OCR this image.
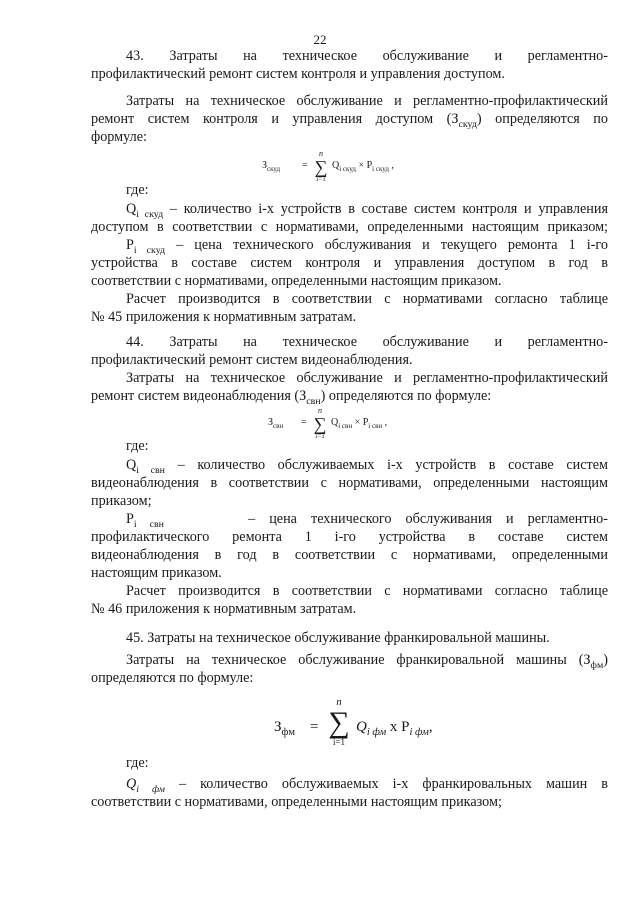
22
43. Затраты на техническое обслуживание и регламентно-
профилактический ремонт систем контроля и управления доступом.
Затраты на техническое обслуживание и регламентно-профилактический
ремонт систем контроля и управления доступом $(З_{скуд})$ определяются по
формуле:
$З_{скуд}$ =
n
∑
i=1
$Q_{i скуд} \times P_{i скуд}$ ,
где:
$Q_{i скуд}$ – количество i-х устройств в составе систем контроля и управления
доступом в соответствии с нормативами, определенными настоящим приказом;
$P_{i скуд}$ – цена технического обслуживания и текущего ремонта 1 i-го
устройства в составе систем контроля и управления доступом в год в
соответствии с нормативами, определенными настоящим приказом.
Расчет производится в соответствии с нормативами согласно таблице
№ 45 приложения к нормативным затратам.
44. Затраты на техническое обслуживание и регламентно-
профилактический ремонт систем видеонаблюдения.
Затраты на техническое обслуживание и регламентно-профилактический
ремонт систем видеонаблюдения $(З_{свн})$ определяются по формуле:
$З_{свн}$ =
n
∑
i=1
$Q_{i свн} \times P_{i свн}$ ,
где:
$Q_{i свн}$ – количество обслуживаемых i-х устройств в составе систем
видеонаблюдения в соответствии с нормативами, определенными настоящим
приказом;
$P_{i свн}$	– цена технического обслуживания и регламентно-
профилактического ремонта 1 i-го устройства в составе систем
видеонаблюдения в год в соответствии с нормативами, определенными
настоящим приказом.
Расчет производится в соответствии с нормативами согласно таблице
№ 46 приложения к нормативным затратам.
45. Затраты на техническое обслуживание франкировальной машины.
Затраты на техническое обслуживание франкировальной машины $(З_{фм})$
определяются по формуле:
$З_{фм}$ =
n
∑
i=1
$Q_{i фм}$ x $P_{i фм}$,
где:
$Q_{i фм}$ – количество обслуживаемых i-х франкировальных машин в
соответствии с нормативами, определенными настоящим приказом;
